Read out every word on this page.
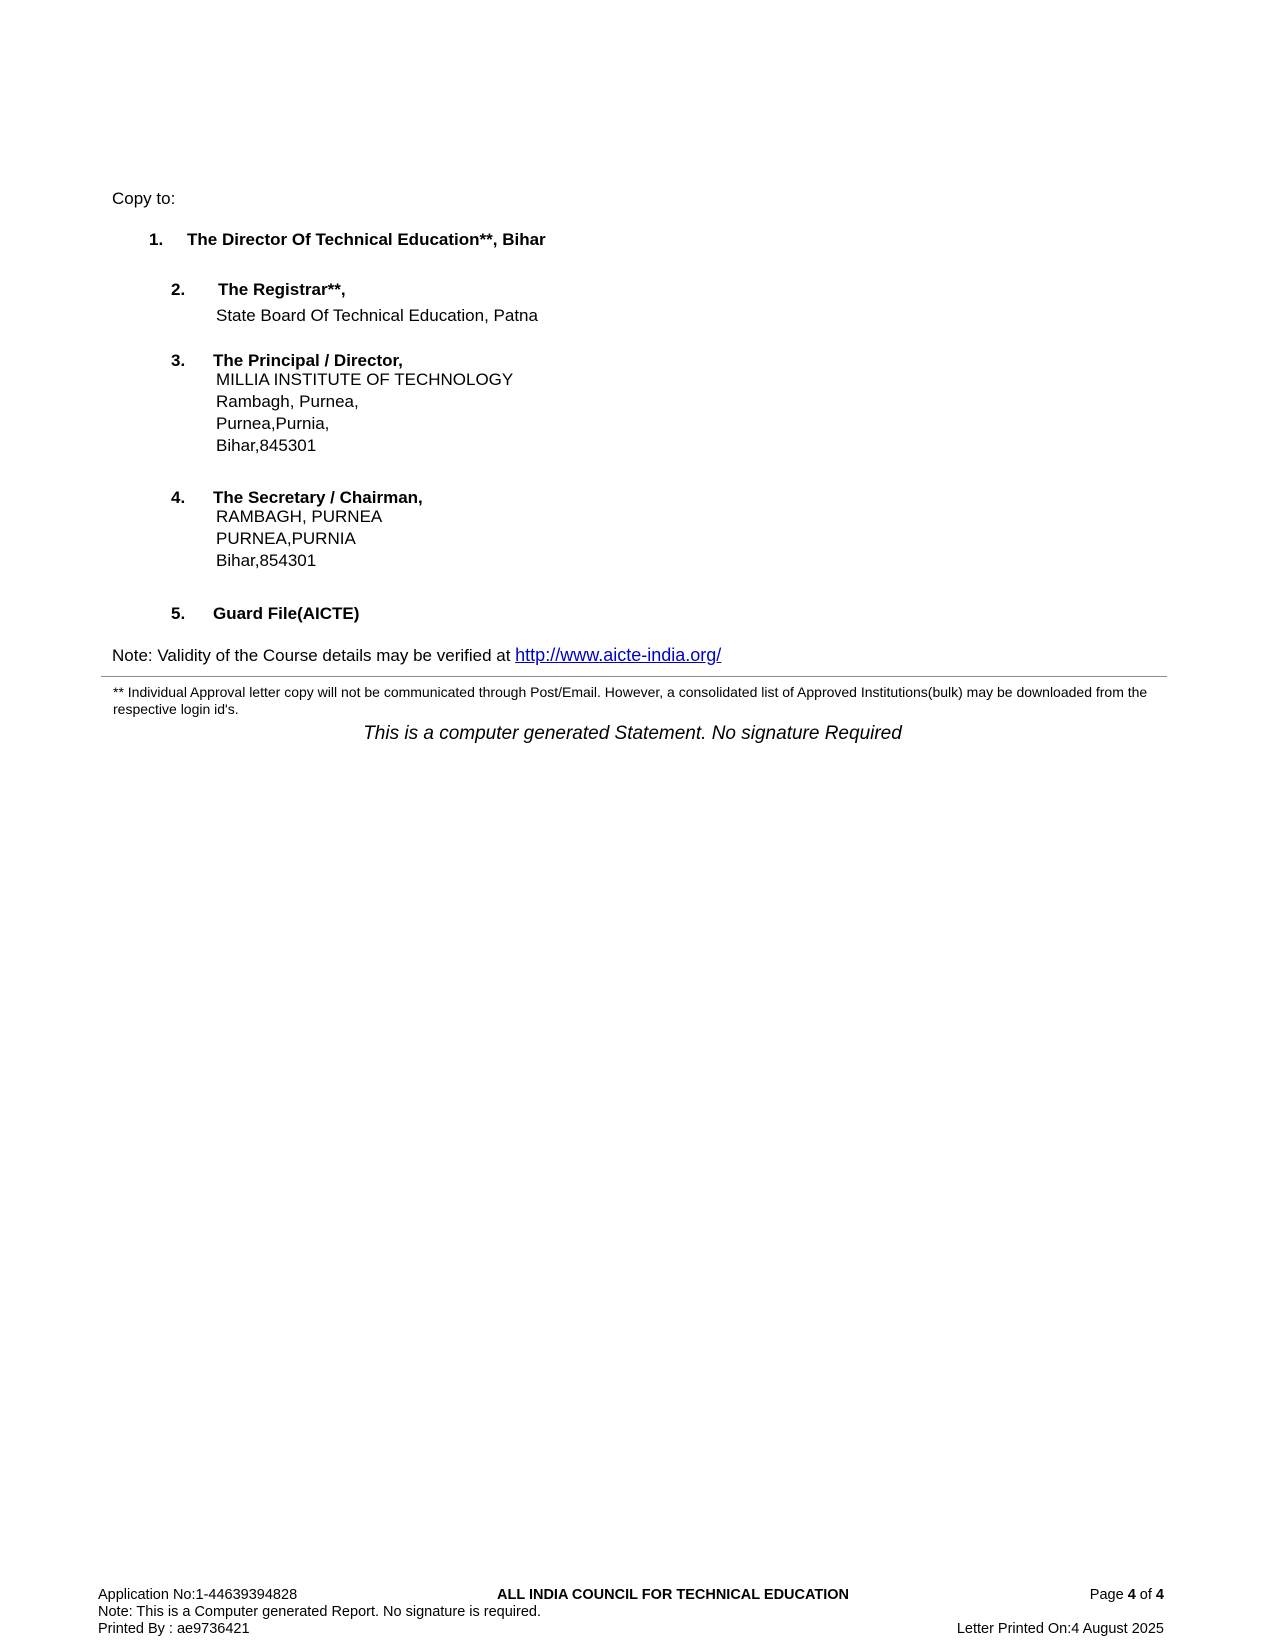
Copy to:
1. The Director Of Technical Education**, Bihar
2. The Registrar**,
State Board Of Technical Education, Patna
3. The Principal / Director,
MILLIA INSTITUTE OF TECHNOLOGY
Rambagh, Purnea,
Purnea,Purnia,
Bihar,845301
4. The Secretary / Chairman,
RAMBAGH, PURNEA
PURNEA,PURNIA
Bihar,854301
5. Guard File(AICTE)
Note: Validity of the Course details may be verified at http://www.aicte-india.org/
** Individual Approval letter copy will not be communicated through Post/Email. However, a consolidated list of Approved Institutions(bulk) may be downloaded from the respective login id's.
This is a computer generated Statement. No signature Required
Application No:1-44639394828	ALL INDIA COUNCIL FOR TECHNICAL EDUCATION	Page 4 of 4
Note: This is a Computer generated Report. No signature is required.
Printed By : ae9736421	Letter Printed On:4 August 2025
